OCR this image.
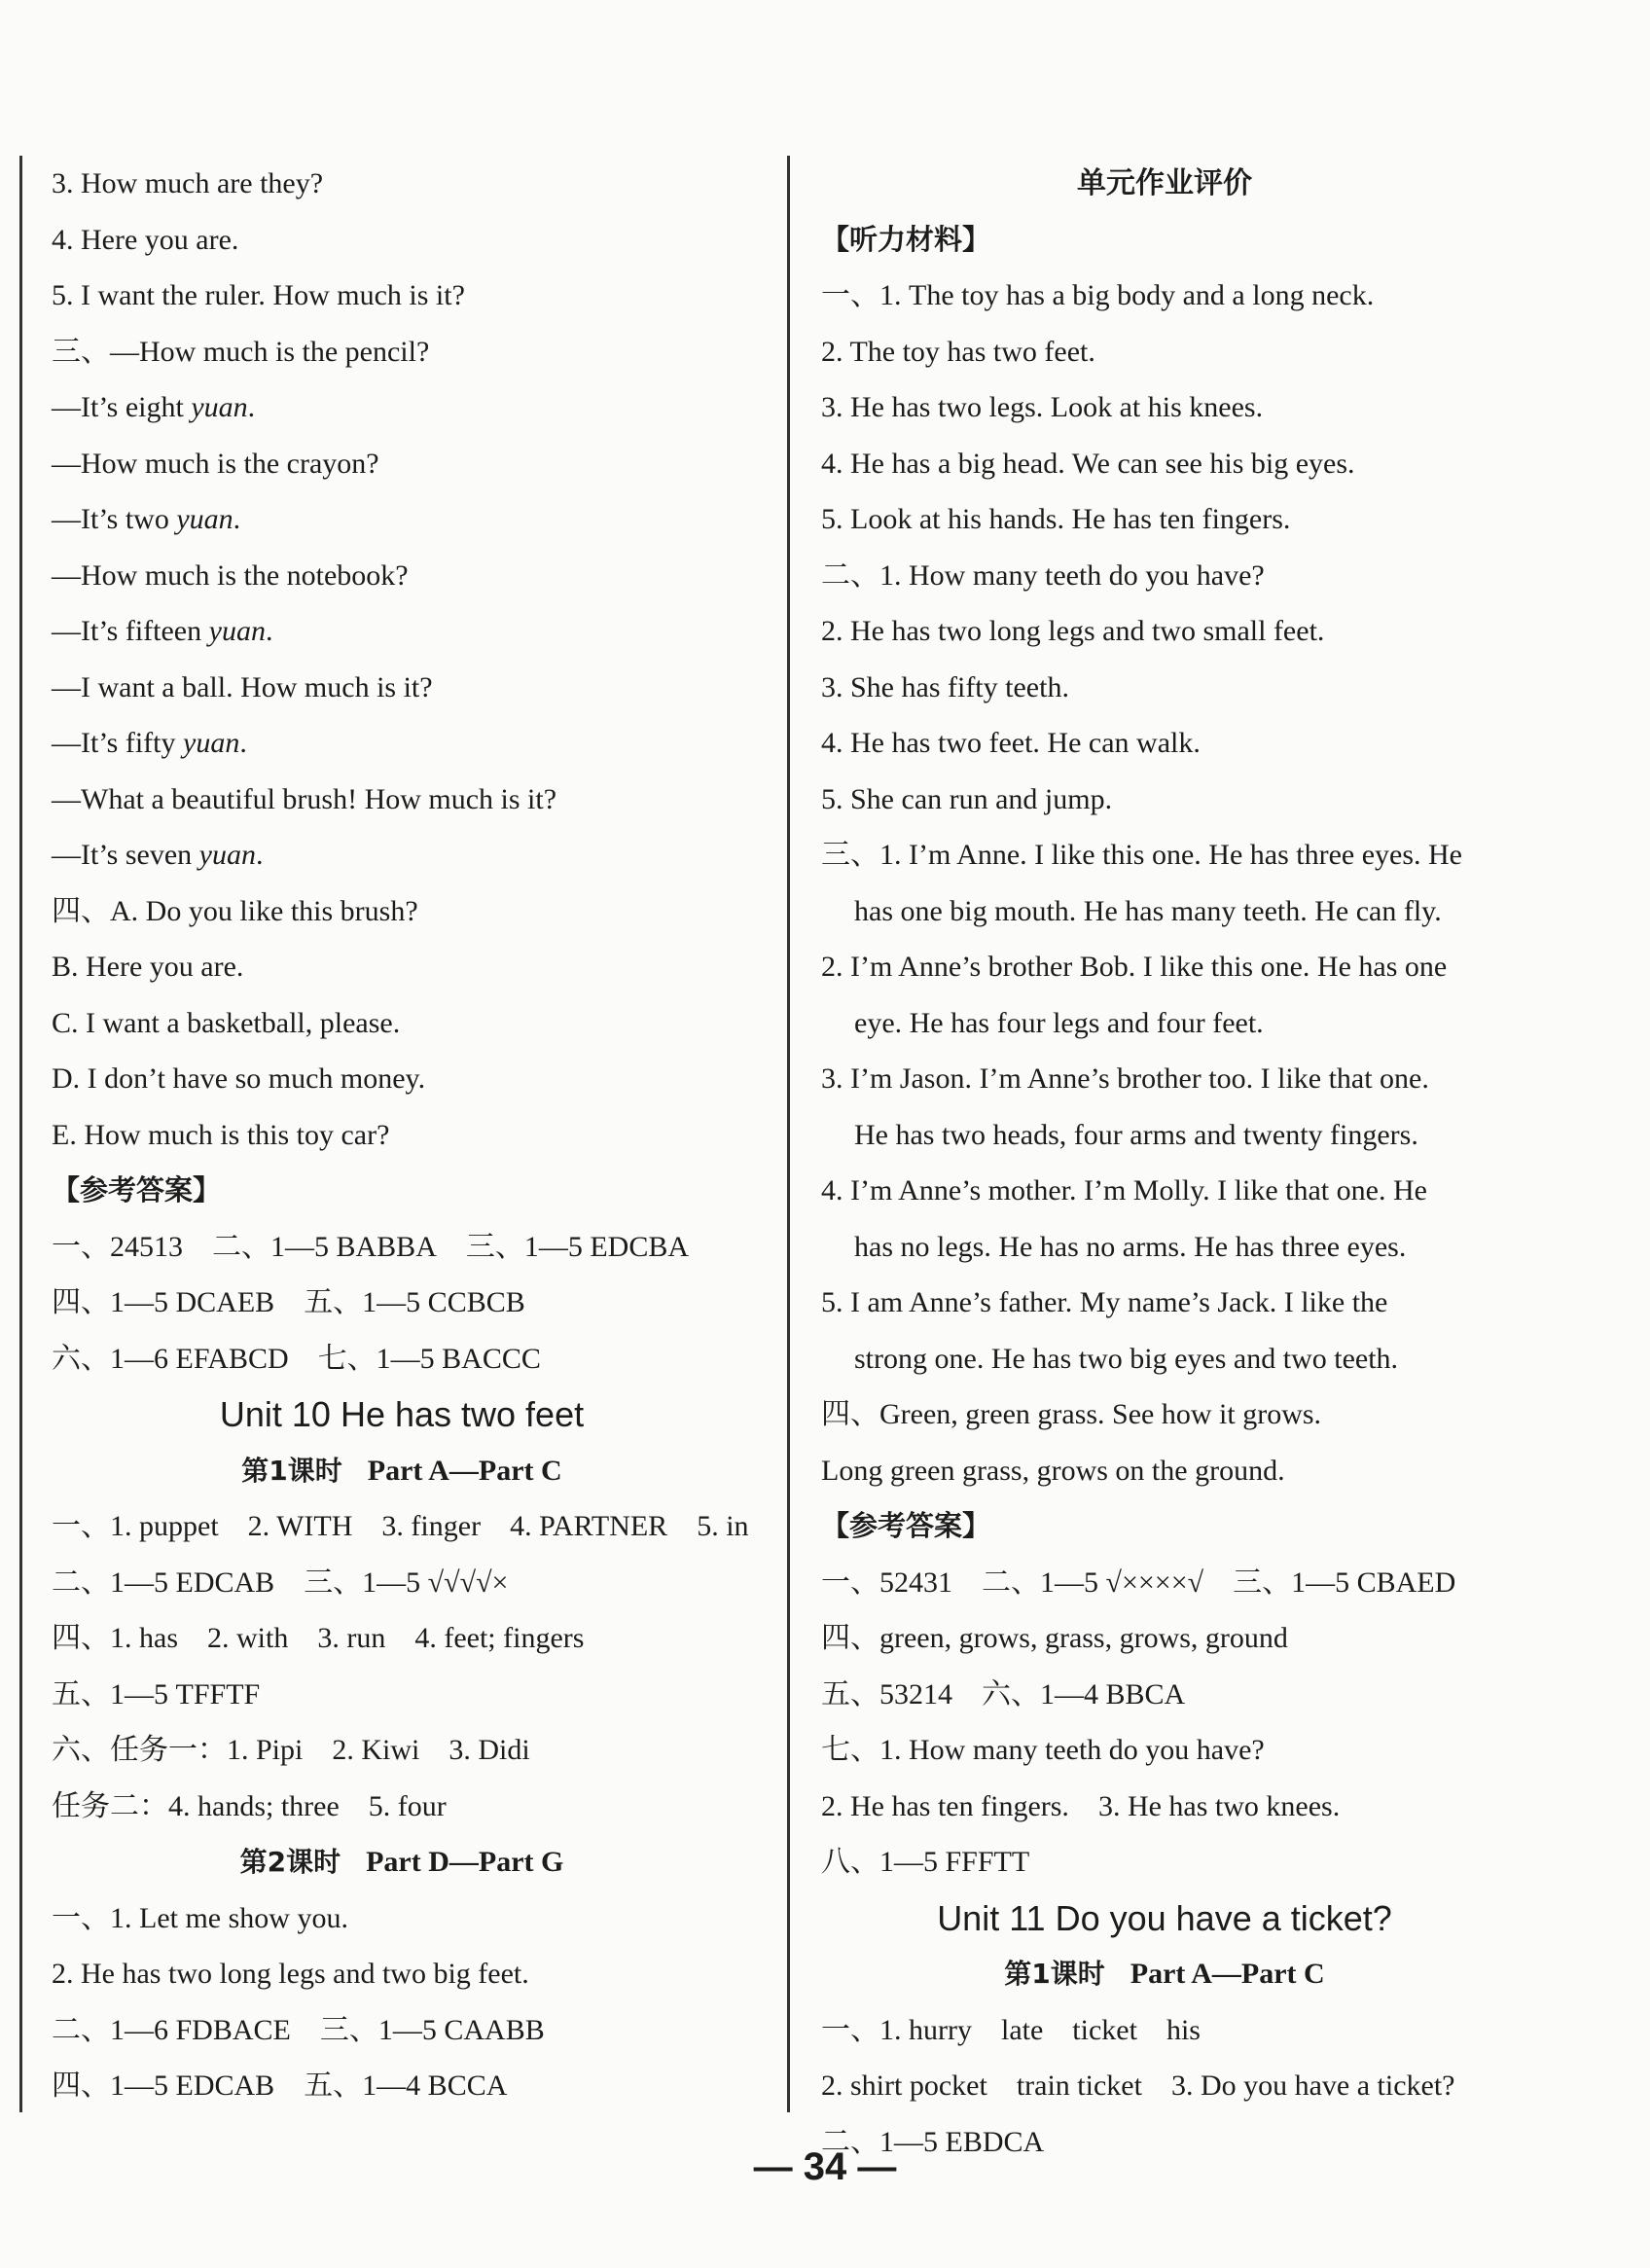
3. How much are they?
4. Here you are.
5. I want the ruler. How much is it?
三、—How much is the pencil?
—It’s eight yuan.
—How much is the crayon?
—It’s two yuan.
—How much is the notebook?
—It’s fifteen yuan.
—I want a ball. How much is it?
—It’s fifty yuan.
—What a beautiful brush! How much is it?
—It’s seven yuan.
四、A. Do you like this brush?
B. Here you are.
C. I want a basketball, please.
D. I don’t have so much money.
E. How much is this toy car?
【参考答案】
一、24513 二、1—5 BABBA 三、1—5 EDCBA
四、1—5 DCAEB 五、1—5 CCBCB
六、1—6 EFABCD 七、1—5 BACCC
Unit 10 He has two feet
第1课时 Part A—Part C
一、1. puppet 2. WITH 3. finger 4. PARTNER 5. in
二、1—5 EDCAB 三、1—5 √√√√×
四、1. has 2. with 3. run 4. feet; fingers
五、1—5 TFFTF
六、任务一：1. Pipi 2. Kiwi 3. Didi
任务二：4. hands; three 5. four
第2课时 Part D—Part G
一、1. Let me show you.
2. He has two long legs and two big feet.
二、1—6 FDBACE 三、1—5 CAABB
四、1—5 EDCAB 五、1—4 BCCA
单元作业评价
【听力材料】
一、1. The toy has a big body and a long neck.
2. The toy has two feet.
3. He has two legs. Look at his knees.
4. He has a big head. We can see his big eyes.
5. Look at his hands. He has ten fingers.
二、1. How many teeth do you have?
2. He has two long legs and two small feet.
3. She has fifty teeth.
4. He has two feet. He can walk.
5. She can run and jump.
三、1. I’m Anne. I like this one. He has three eyes. He
has one big mouth. He has many teeth. He can fly.
2. I’m Anne’s brother Bob. I like this one. He has one
eye. He has four legs and four feet.
3. I’m Jason. I’m Anne’s brother too. I like that one.
He has two heads, four arms and twenty fingers.
4. I’m Anne’s mother. I’m Molly. I like that one. He
has no legs. He has no arms. He has three eyes.
5. I am Anne’s father. My name’s Jack. I like the
strong one. He has two big eyes and two teeth.
四、Green, green grass. See how it grows.
Long green grass, grows on the ground.
【参考答案】
一、52431 二、1—5 √××××√ 三、1—5 CBAED
四、green, grows, grass, grows, ground
五、53214 六、1—4 BBCA
七、1. How many teeth do you have?
2. He has ten fingers. 3. He has two knees.
八、1—5 FFFTT
Unit 11 Do you have a ticket?
第1课时 Part A—Part C
一、1. hurry late ticket his
2. shirt pocket train ticket 3. Do you have a ticket?
二、1—5 EBDCA
— 34 —
